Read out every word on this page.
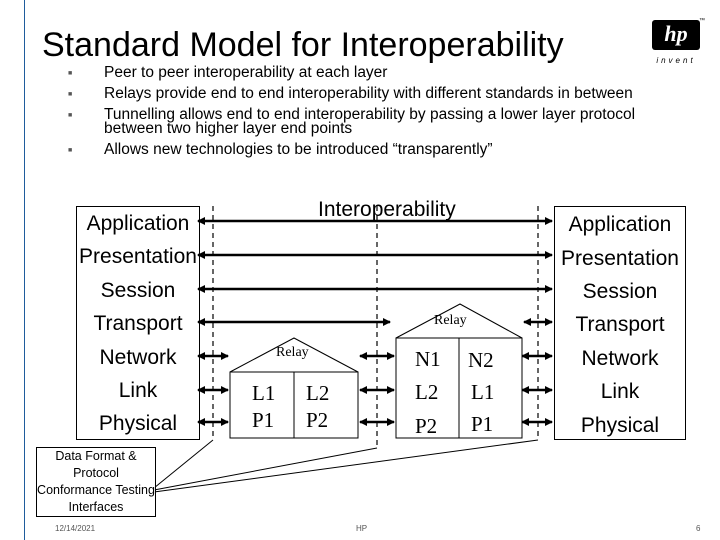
Standard Model for Interoperability	hp	™
invent
■ Peer to peer interoperability at each layer
■ Relays provide end to end interoperability with different standards in between
■ Tunnelling allows end to end interoperability by passing a lower layer protocol between two higher layer end points
■ Allows new technologies to be introduced “transparently”
Interoperability
Application
Presentation
Session
Transport
Network
Link
Physical
Application
Presentation
Session
Transport
Network
Link
Physical
Relay
L1 L2
P1 P2
Relay
N1 N2
L2 L1
P2 P1
Data Format & Protocol Conformance Testing Interfaces
12/14/2021	HP	6
